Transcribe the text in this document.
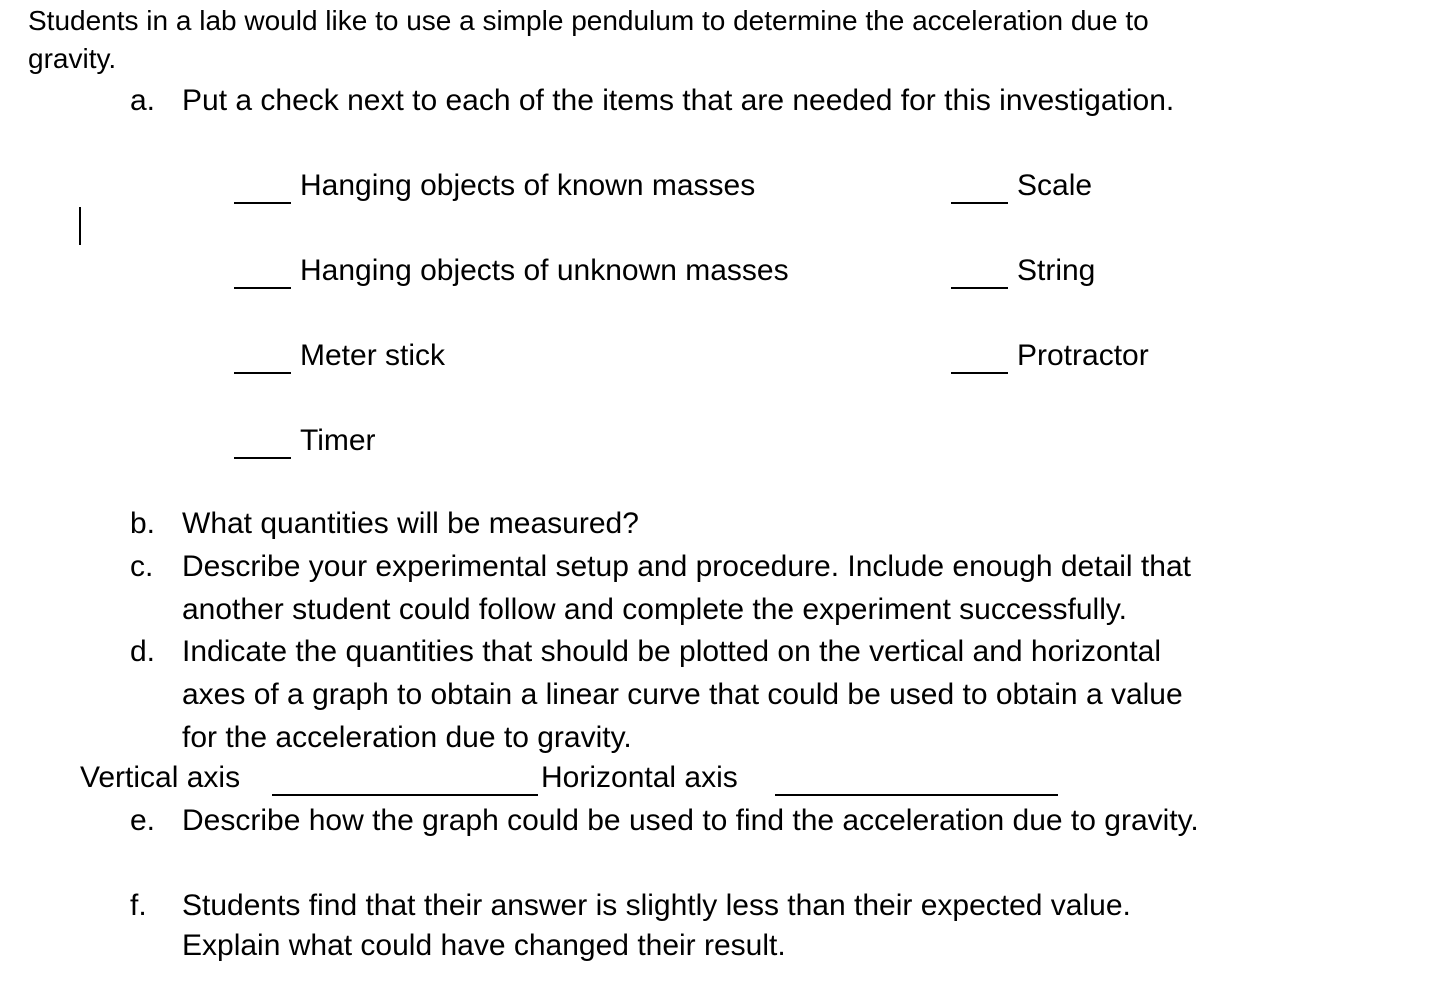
Students in a lab would like to use a simple pendulum to determine the acceleration due to
gravity.
a. Put a check next to each of the items that are needed for this investigation.
Hanging objects of known masses
Hanging objects of unknown masses
Meter stick
Timer
Scale
String
Protractor
b. What quantities will be measured?
c. Describe your experimental setup and procedure. Include enough detail that
another student could follow and complete the experiment successfully.
d. Indicate the quantities that should be plotted on the vertical and horizontal
axes of a graph to obtain a linear curve that could be used to obtain a value
for the acceleration due to gravity.
Vertical axis	Horizontal axis
e. Describe how the graph could be used to find the acceleration due to gravity.
f. Students find that their answer is slightly less than their expected value.
Explain what could have changed their result.
